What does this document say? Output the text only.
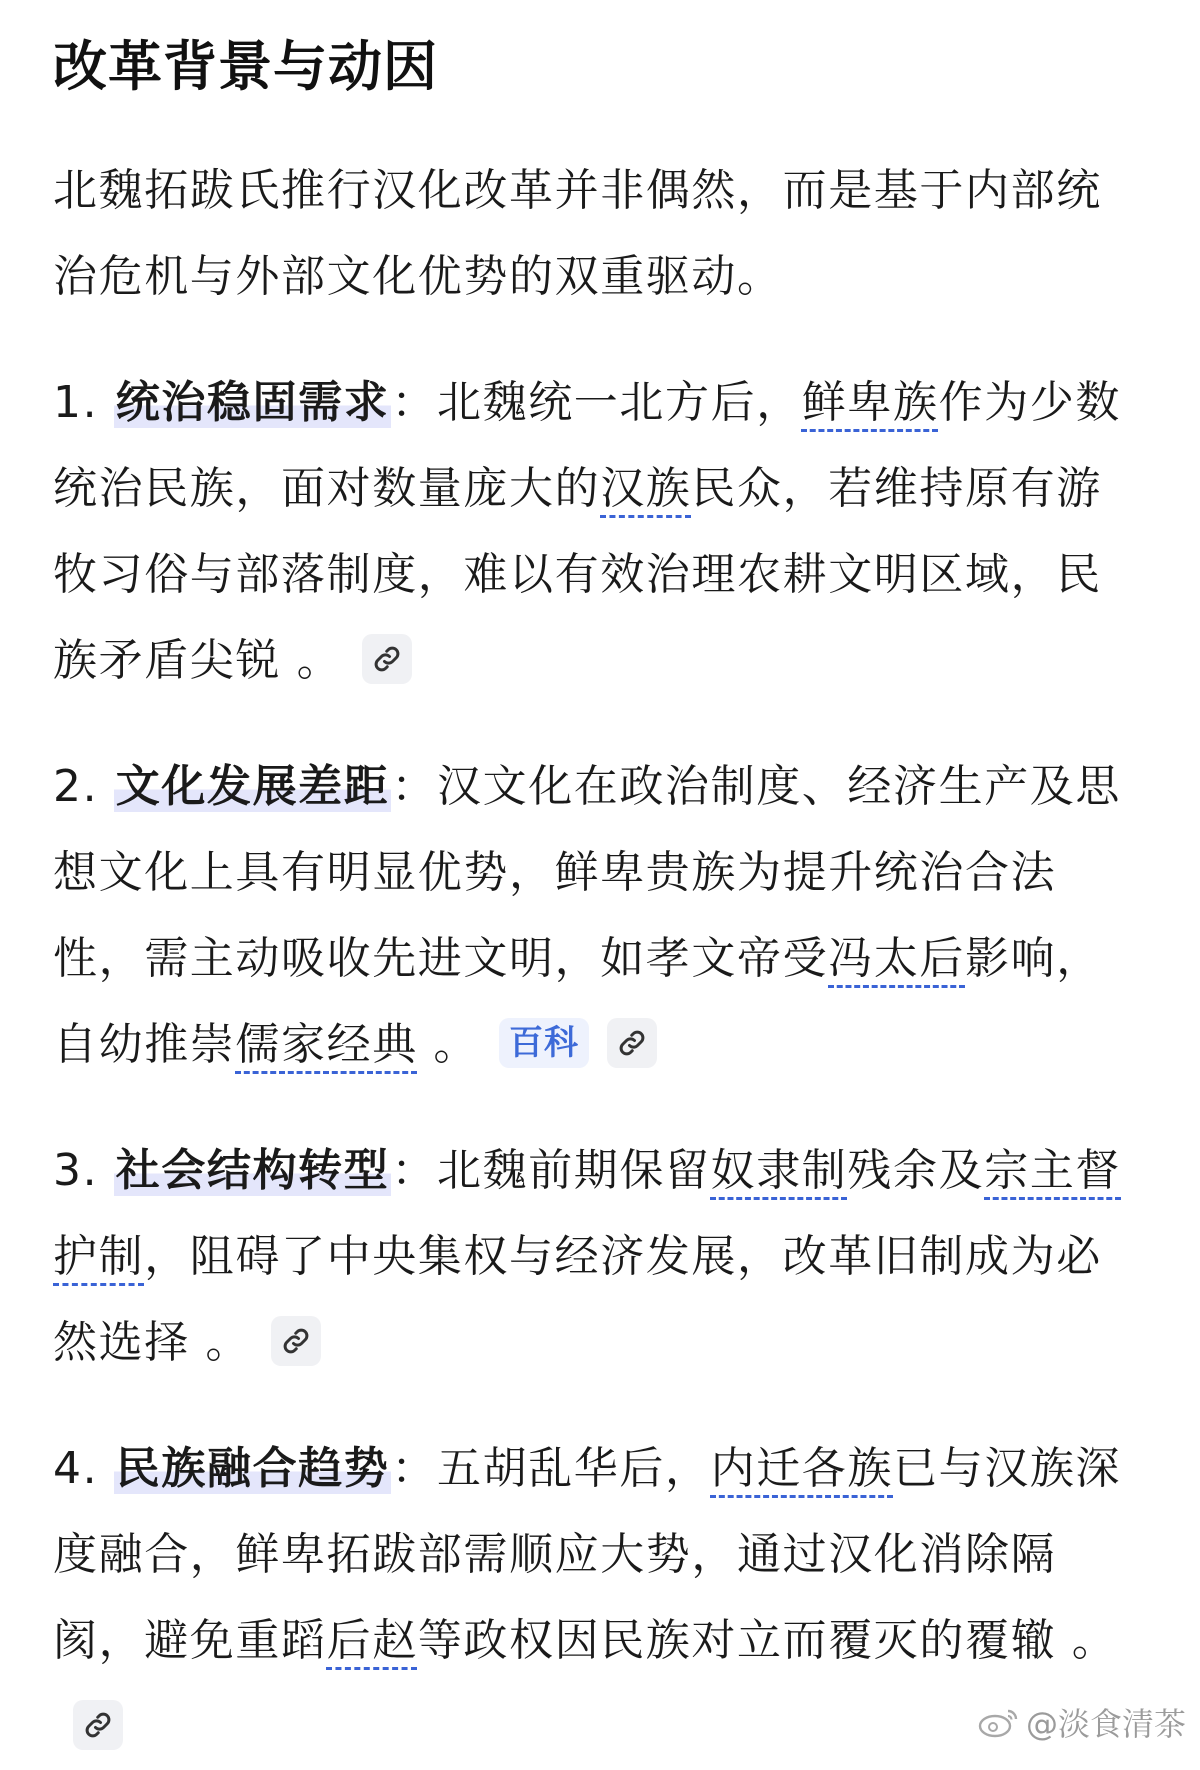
改革背景与动因

北魏拓跋氏推行汉化改革并非偶然，而是基于内部统治危机与外部文化优势的双重驱动。

1. 统治稳固需求：北魏统一北方后，鲜卑族作为少数统治民族，面对数量庞大的汉族民众，若维持原有游牧习俗与部落制度，难以有效治理农耕文明区域，民族矛盾尖锐 。

2. 文化发展差距：汉文化在政治制度、经济生产及思想文化上具有明显优势，鲜卑贵族为提升统治合法性，需主动吸收先进文明，如孝文帝受冯太后影响，自幼推崇儒家经典 。 百科

3. 社会结构转型：北魏前期保留奴隶制残余及宗主督护制，阻碍了中央集权与经济发展，改革旧制成为必然选择 。

4. 民族融合趋势：五胡乱华后，内迁各族已与汉族深度融合，鲜卑拓跋部需顺应大势，通过汉化消除隔阂，避免重蹈后赵等政权因民族对立而覆灭的覆辙 。

@淡食清茶
